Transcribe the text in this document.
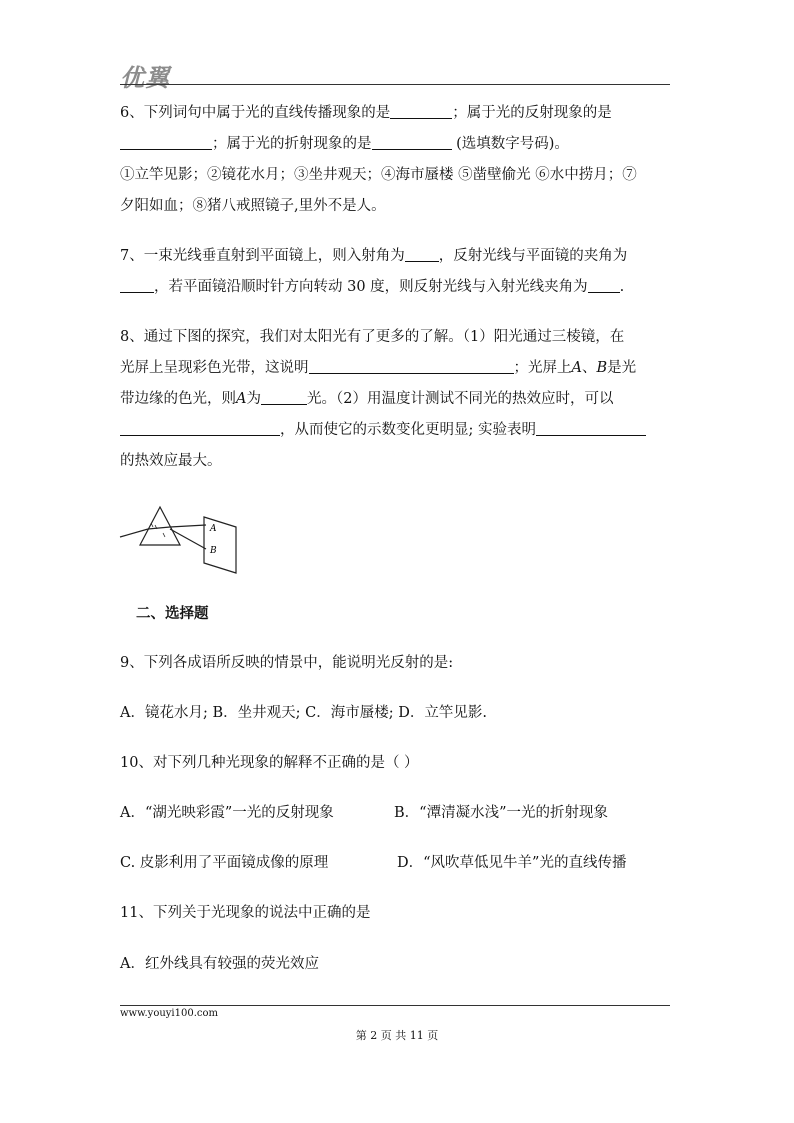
优翼
6、下列词句中属于光的直线传播现象的是	；属于光的反射现象的是
；属于光的折射现象的是	(选填数字号码)。
①立竿见影；②镜花水月；③坐井观天；④海市蜃楼 ⑤凿壁偷光 ⑥水中捞月；⑦
夕阳如血；⑧猪八戒照镜子,里外不是人。
7、一束光线垂直射到平面镜上，则入射角为 ，反射光线与平面镜的夹角为
，若平面镜沿顺时针方向转动 30 度，则反射光线与入射光线夹角为 .
8、通过下图的探究，我们对太阳光有了更多的了解。（1）阳光通过三棱镜，在
光屏上呈现彩色光带，这说明	；光屏上A、B是光
带边缘的色光，则A为	光。（2）用温度计测试不同光的热效应时，可以
，从而使它的示数变化更明显; 实验表明
的热效应最大。
A
B
二、选择题
9、下列各成语所反映的情景中，能说明光反射的是:
A．镜花水月; B．坐井观天; C．海市蜃楼; D．立竿见影.
10、对下列几种光现象的解释不正确的是（ ）
A．“湖光映彩霞”一光的反射现象	B．“潭清凝水浅”一光的折射现象
C. 皮影利用了平面镜成像的原理	D．“风吹草低见牛羊”光的直线传播
11、下列关于光现象的说法中正确的是
A．红外线具有较强的荧光效应
www.youyi100.com
第 2 页 共 11 页
